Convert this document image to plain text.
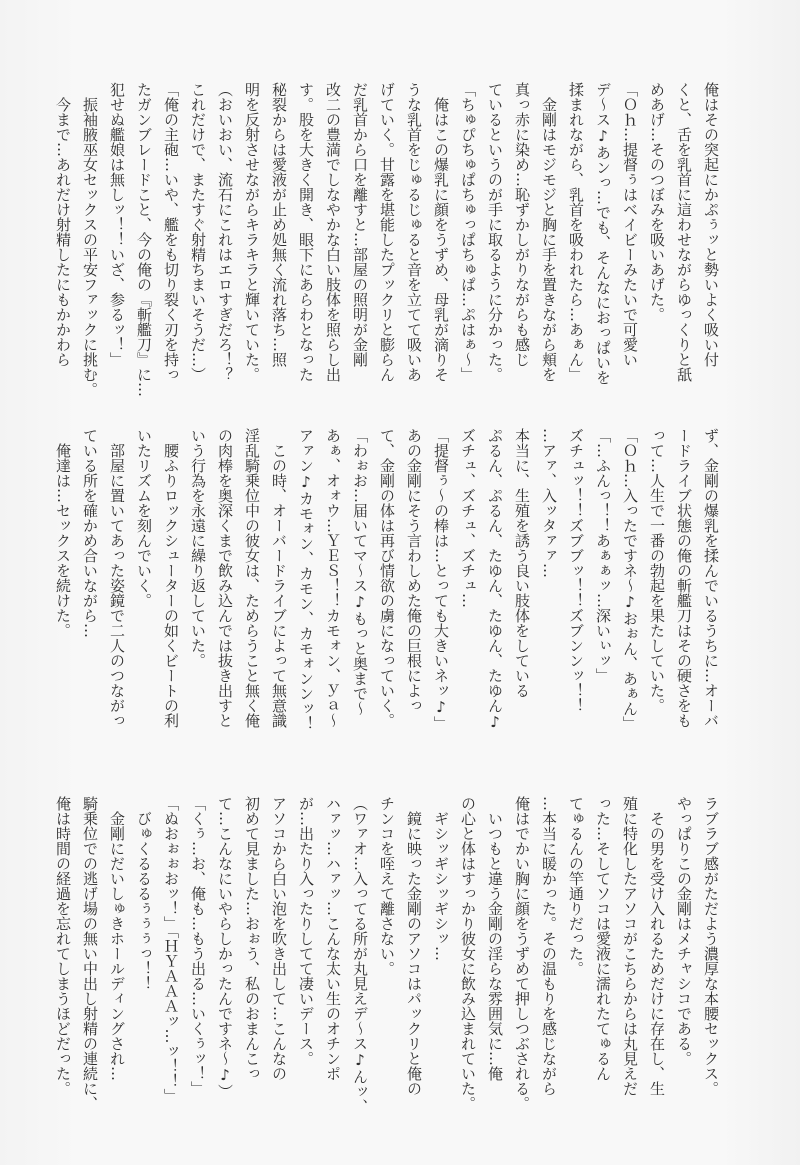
俺はその突起にかぷぅッと勢いよく吸い付
くと、舌を乳首に這わせながらゆっくりと舐
めあげ…そのつぼみを吸いあげた。
「Ｏｈ…提督ぅはベイビーみたいで可愛い
デ〜ス♪あンっ…でも、そんなにおっぱいを
揉まれながら、乳首を吸われたら…あぁん」
　金剛はモジモジと胸に手を置きながら頬を
真っ赤に染め…恥ずかしがりながらも感じ
ているというのが手に取るように分かった。
「ちゅぴちゅぱちゅっぱちゅぱ…ぷはぁ〜」
　俺はこの爆乳に顔をうずめ、母乳が滴りそ
うな乳首をじゅるじゅると音を立てて吸いあ
げていく。甘露を堪能したプックリと膨らん
だ乳首から口を離すと…部屋の照明が金剛
改二の豊満でしなやかな白い肢体を照らし出
す。股を大きく開き、眼下にあらわとなった
秘裂からは愛液が止め処無く流れ落ち…照
明を反射させながらキラキラと輝いていた。
（おいおい、流石にこれはエロすぎだろ！？
これだけで、またすぐ射精ちまいそうだ…）
「俺の主砲…いや、艦をも切り裂く刃を持っ
たガンブレードこと、今の俺の『斬艦刀』に…
犯せぬ艦娘は無しッ！！いざ、参るッ！」
　振袖腋巫女セックスの平安ファックに挑む。
　今まで…あれだけ射精したにもかかわら
ず、金剛の爆乳を揉んでいるうちに…オーバ
ードライブ状態の俺の斬艦刀はその硬さをも
って…人生で一番の勃起を果たしていた。
「Ｏｈ…入ったですネ〜♪おぉん、あぁん」
「…ふんっ！！あぁぁッ…深いぃッ」
ズチュッ！！ズブブッ！！ズブンンッ！！
…アァ、入ッタァァ…
本当に、生殖を誘う良い肢体をしている
ぷるん、ぷるん、たゆん、たゆん、たゆん♪
ズチュ、ズチュ、ズチュ…
「提督ぅ〜の棒は…とっても大きいネッ♪」
あの金剛にそう言わしめた俺の巨根によっ
て、金剛の体は再び情欲の虜になっていく。
「わぉお…届いてマ〜ス♪もっと奥まで〜
あぁ、オォウ…ＹＥＳ！！カモォン、ｙａ〜
アァン♪カモォン、カモン、カモォンンッ！
　この時、オーバードライブによって無意識
淫乱騎乗位中の彼女は、ためらうこと無く俺
の肉棒を奥深くまで飲み込んでは抜き出すと
いう行為を永遠に繰り返していた。
　腰ふりロックシューターの如くビートの利
いたリズムを刻んでいく。
　部屋に置いてあった姿鏡で二人のつながっ
ている所を確かめ合いながら…
　俺達は…セックスを続けた。
ラブラブ感がただよう濃厚な本腰セックス。
やっぱりこの金剛はメチャシコである。
　その男を受け入れるためだけに存在し、生
殖に特化したアソコがこちらからは丸見えだ
った…そしてソコは愛液に濡れたてゅるん
てゅるんの竿通りだった。
…本当に暖かった。その温もりを感じながら
俺はでかい胸に顔をうずめて押しつぶされる。
　いつもと違う金剛の淫らな雰囲気に…俺
の心と体はすっかり彼女に飲み込まれていた。
　ギシッギシッギシッ…
　鏡に映った金剛のアソコはパックリと俺の
チンコを咥えて離さない。
（ワァオ…入ってる所が丸見えデ〜ス♪んッ、
ハァッ…ハァッ…こんな太い生のオチンポ
が…出たり入ったりしてて凄いデース。
アソコから白い泡を吹き出して…こんなの
初めて見ました…おぉう、私のおまんこっ
て…こんなにいやらしかったんですネ〜♪）
「くぅ…お、俺も…もう出る…いくぅッ！」
「ぬおぉぉおッ！」「ＨＹＡＡＡッ…ッ！！」
　びゅくるるるぅぅぅっ！！
　金剛にだいしゅきホールディングされ…
騎乗位での逃げ場の無い中出し射精の連続に、
俺は時間の経過を忘れてしまうほどだった。
